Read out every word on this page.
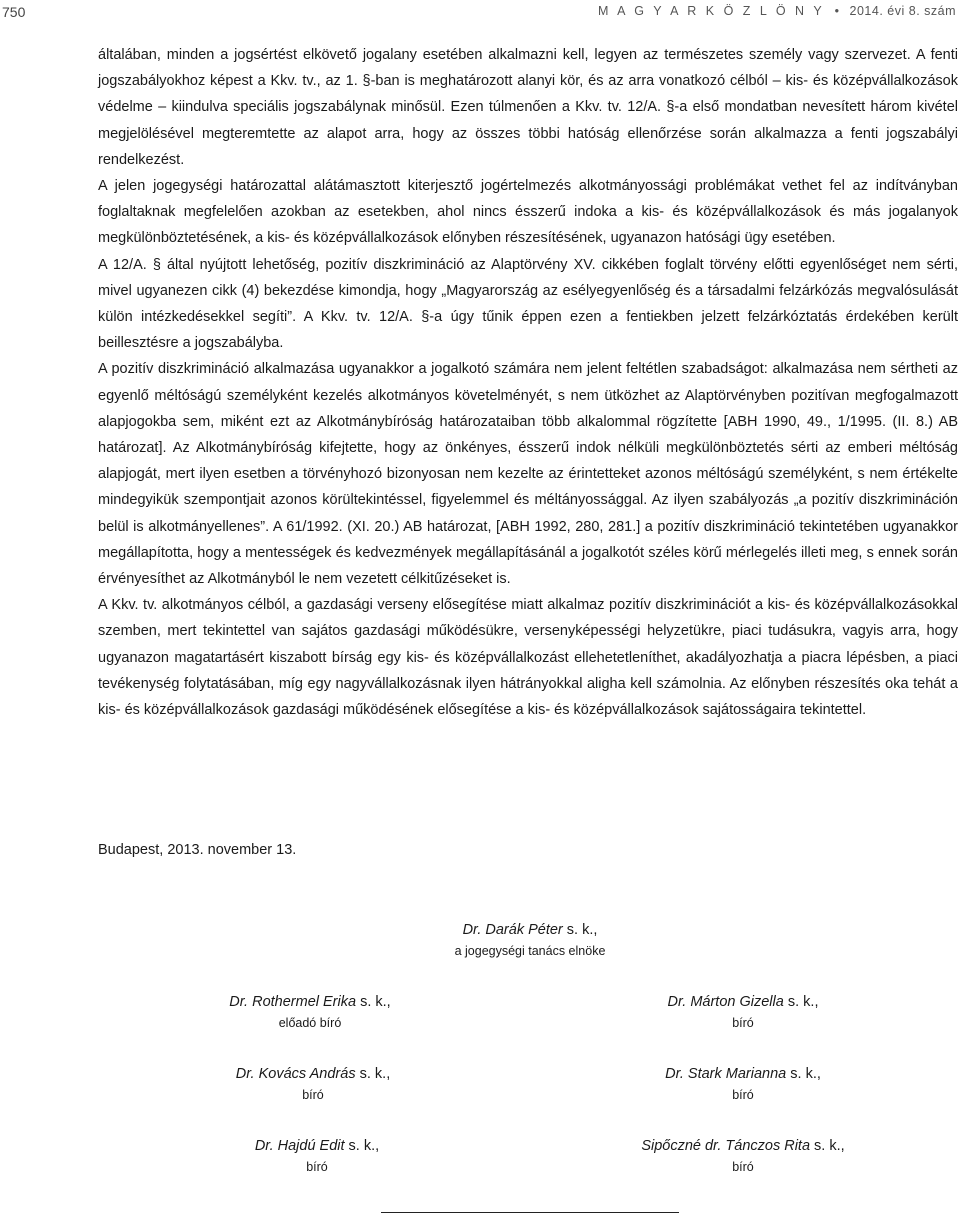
750	M A G Y A R K Ö Z L Ö N Y • 2014. évi 8. szám

általában, minden a jogsértést elkövető jogalany esetében alkalmazni kell, legyen az természetes személy vagy szervezet. A fenti jogszabályokhoz képest a Kkv. tv., az 1. §-ban is meghatározott alanyi kör, és az arra vonatkozó célból – kis- és középvállalkozások védelme – kiindulva speciális jogszabálynak minősül. Ezen túlmenően a Kkv. tv. 12/A. §-a első mondatban nevesített három kivétel megjelölésével megteremtette az alapot arra, hogy az összes többi hatóság ellenőrzése során alkalmazza a fenti jogszabályi rendelkezést.

A jelen jogegységi határozattal alátámasztott kiterjesztő jogértelmezés alkotmányossági problémákat vethet fel az indítványban foglaltaknak megfelelően azokban az esetekben, ahol nincs ésszerű indoka a kis- és középvállalkozások és más jogalanyok megkülönböztetésének, a kis- és középvállalkozások előnyben részesítésének, ugyanazon hatósági ügy esetében.

A 12/A. § által nyújtott lehetőség, pozitív diszkrimináció az Alaptörvény XV. cikkében foglalt törvény előtti egyenlőséget nem sérti, mivel ugyanezen cikk (4) bekezdése kimondja, hogy „Magyarország az esélyegyenlőség és a társadalmi felzárkózás megvalósulását külön intézkedésekkel segíti”. A Kkv. tv. 12/A. §-a úgy tűnik éppen ezen a fentiekben jelzett felzárkóztatás érdekében került beillesztésre a jogszabályba.

A pozitív diszkrimináció alkalmazása ugyanakkor a jogalkotó számára nem jelent feltétlen szabadságot: alkalmazása nem sértheti az egyenlő méltóságú személyként kezelés alkotmányos követelményét, s nem ütközhet az Alaptörvényben pozitívan megfogalmazott alapjogokba sem, miként ezt az Alkotmánybíróság határozataiban több alkalommal rögzítette [ABH 1990, 49., 1/1995. (II. 8.) AB határozat]. Az Alkotmánybíróság kifejtette, hogy az önkényes, ésszerű indok nélküli megkülönböztetés sérti az emberi méltóság alapjogát, mert ilyen esetben a törvényhozó bizonyosan nem kezelte az érintetteket azonos méltóságú személyként, s nem értékelte mindegyikük szempontjait azonos körültekintéssel, figyelemmel és méltányossággal. Az ilyen szabályozás „a pozitív diszkrimináción belül is alkotmányellenes”. A 61/1992. (XI. 20.) AB határozat, [ABH 1992, 280, 281.] a pozitív diszkrimináció tekintetében ugyanakkor megállapította, hogy a mentességek és kedvezmények megállapításánál a jogalkotót széles körű mérlegelés illeti meg, s ennek során érvényesíthet az Alkotmányból le nem vezetett célkitűzéseket is.

A Kkv. tv. alkotmányos célból, a gazdasági verseny elősegítése miatt alkalmaz pozitív diszkriminációt a kis- és középvállalkozásokkal szemben, mert tekintettel van sajátos gazdasági működésükre, versenyképességi helyzetükre, piaci tudásukra, vagyis arra, hogy ugyanazon magatartásért kiszabott bírság egy kis- és középvállalkozást ellehetetleníthet, akadályozhatja a piacra lépésben, a piaci tevékenység folytatásában, míg egy nagyvállalkozásnak ilyen hátrányokkal aligha kell számolnia. Az előnyben részesítés oka tehát a kis- és középvállalkozások gazdasági működésének elősegítése a kis- és középvállalkozások sajátosságaira tekintettel.

Budapest, 2013. november 13.
Dr. Darák Péter s. k.,
a jogegységi tanács elnöke
Dr. Rothermel Erika s. k.,
előadó bíró
Dr. Márton Gizella s. k.,
bíró
Dr. Kovács András s. k.,
bíró
Dr. Stark Marianna s. k.,
bíró
Dr. Hajdú Edit s. k.,
bíró
Sipőczné dr. Tánczos Rita s. k.,
bíró
